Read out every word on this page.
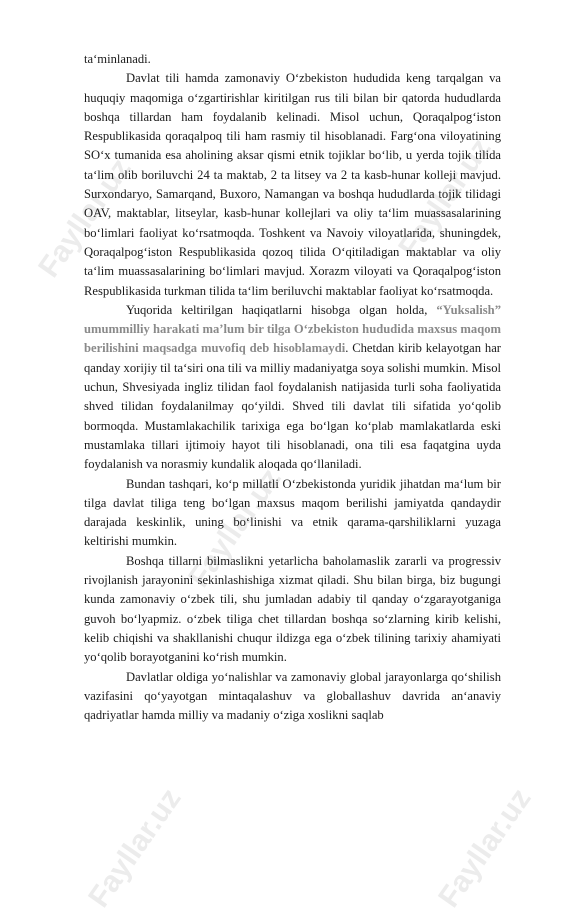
Fayllar.uz	Fayllar.uz
Fayllar.uz
Fayllar.uz	Fayllar.uz

ta‘minlanadi.

Davlat tili hamda zamonaviy O‘zbekiston hududida keng tarqalgan va huquqiy maqomiga o‘zgartirishlar kiritilgan rus tili bilan bir qatorda hududlarda boshqa tillardan ham foydalanib kelinadi. Misol uchun, Qoraqalpog‘iston Respublikasida qoraqalpoq tili ham rasmiy til hisoblanadi. Farg‘ona viloyatining SO‘x tumanida esa aholining aksar qismi etnik tojiklar bo‘lib, u yerda tojik tilida ta‘lim olib boriluvchi 24 ta maktab, 2 ta litsey va 2 ta kasb-hunar kolleji mavjud. Surxondaryo, Samarqand, Buxoro, Namangan va boshqa hududlarda tojik tilidagi OAV, maktablar, litseylar, kasb-hunar kollejlari va oliy ta‘lim muassasalarining bo‘limlari faoliyat ko‘rsatmoqda. Toshkent va Navoiy viloyatlarida, shuningdek, Qoraqalpog‘iston Respublikasida qozoq tilida O‘qitiladigan maktablar va oliy ta‘lim muassasalarining bo‘limlari mavjud. Xorazm viloyati va Qoraqalpog‘iston Respublikasida turkman tilida ta‘lim beriluvchi maktablar faoliyat ko‘rsatmoqda.

Yuqorida keltirilgan haqiqatlarni hisobga olgan holda, “Yuksalish” umummilliy harakati ma’lum bir tilga O‘zbekiston hududida maxsus maqom berilishini maqsadga muvofiq deb hisoblamaydi. Chetdan kirib kelayotgan har qanday xorijiy til ta‘siri ona tili va milliy madaniyatga soya solishi mumkin. Misol uchun, Shvesiyada ingliz tilidan faol foydalanish natijasida turli soha faoliyatida shved tilidan foydalanilmay qo‘yildi. Shved tili davlat tili sifatida yo‘qolib bormoqda. Mustamlakachilik tarixiga ega bo‘lgan ko‘plab mamlakatlarda eski mustamlaka tillari ijtimoiy hayot tili hisoblanadi, ona tili esa faqatgina uyda foydalanish va norasmiy kundalik aloqada qo‘llaniladi.

Bundan tashqari, ko‘p millatli O‘zbekistonda yuridik jihatdan ma‘lum bir tilga davlat tiliga teng bo‘lgan maxsus maqom berilishi jamiyatda qandaydir darajada keskinlik, uning bo‘linishi va etnik qarama-qarshiliklarni yuzaga keltirishi mumkin.

Boshqa tillarni bilmaslikni yetarlicha baholamaslik zararli va progressiv rivojlanish jarayonini sekinlashishiga xizmat qiladi. Shu bilan birga, biz bugungi kunda zamonaviy o‘zbek tili, shu jumladan adabiy til qanday o‘zgarayotganiga guvoh bo‘lyapmiz. o‘zbek tiliga chet tillardan boshqa so‘zlarning kirib kelishi, kelib chiqishi va shakllanishi chuqur ildizga ega o‘zbek tilining tarixiy ahamiyati yo‘qolib borayotganini ko‘rish mumkin.

Davlatlar oldiga yo‘nalishlar va zamonaviy global jarayonlarga qo‘shilish vazifasini qo‘yayotgan mintaqalashuv va globallashuv davrida an‘anaviy qadriyatlar hamda milliy va madaniy o‘ziga xoslikni saqlab
